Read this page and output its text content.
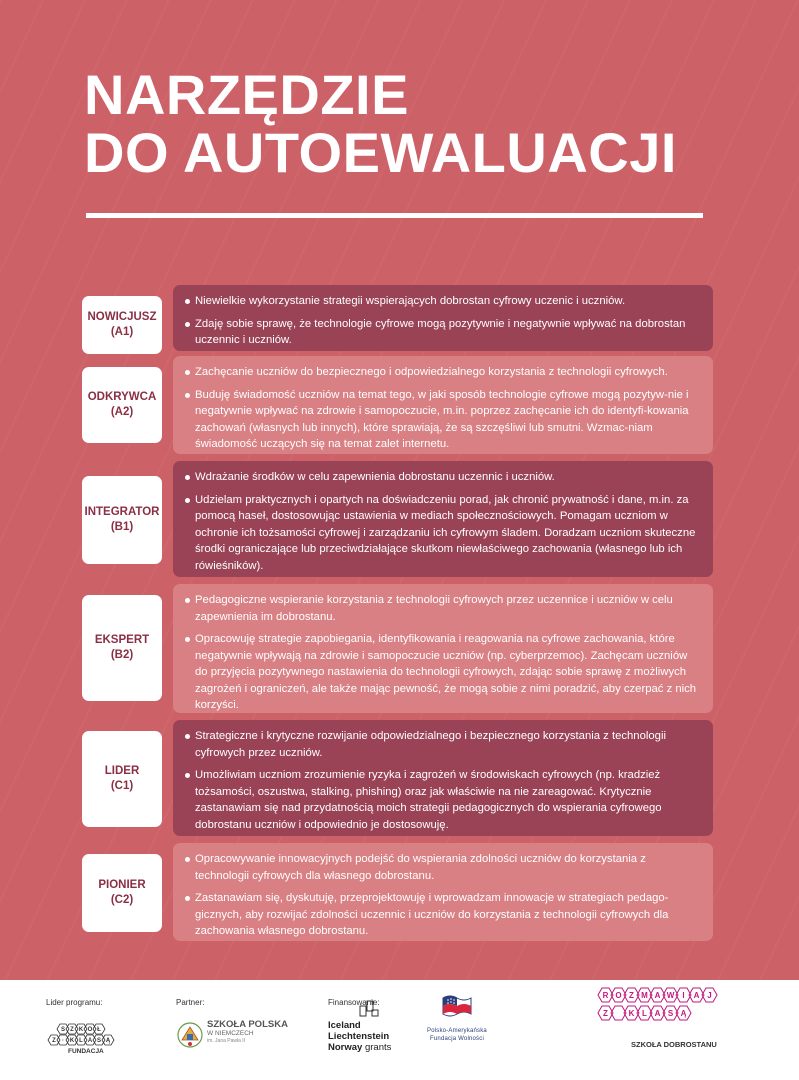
NARZĘDZIE
DO AUTOEWALUACJI
NOWICJUSZ
(A1)
Niewielkie wykorzystanie strategii wspierających dobrostan cyfrowy uczenic i uczniów.
Zdaję sobie sprawę, że technologie cyfrowe mogą pozytywnie i negatywnie wpływać na dobrostan uczennic i uczniów.
ODKRYWCA
(A2)
Zachęcanie uczniów do bezpiecznego i odpowiedzialnego korzystania z technologii cyfrowych.
Buduję świadomość uczniów na temat tego, w jaki sposób technologie cyfrowe mogą pozytyw-nie i negatywnie wpływać na zdrowie i samopoczucie, m.in. poprzez zachęcanie ich do identyfi-kowania zachowań (własnych lub innych), które sprawiają, że są szczęśliwi lub smutni. Wzmac-niam świadomość uczących się na temat zalet internetu.
INTEGRATOR
(B1)
Wdrażanie środków w celu zapewnienia dobrostanu uczennic i uczniów.
Udzielam praktycznych i opartych na doświadczeniu porad, jak chronić prywatność i dane, m.in. za pomocą haseł, dostosowując ustawienia w mediach społecznościowych. Pomagam uczniom w ochronie ich tożsamości cyfrowej i zarządzaniu ich cyfrowym śladem. Doradzam uczniom skuteczne środki ograniczające lub przeciwdziałające skutkom niewłaściwego zachowania (własnego lub ich rówieśników).
EKSPERT
(B2)
Pedagogiczne wspieranie korzystania z technologii cyfrowych przez uczennice i uczniów w celu zapewnienia im dobrostanu.
Opracowuję strategie zapobiegania, identyfikowania i reagowania na cyfrowe zachowania, które negatywnie wpływają na zdrowie i samopoczucie uczniów (np. cyberprzemoc). Zachęcam uczniów do przyjęcia pozytywnego nastawienia do technologii cyfrowych, zdając sobie sprawę z możliwych zagrożeń i ograniczeń, ale także mając pewność, że mogą sobie z nimi poradzić, aby czerpać z nich korzyści.
LIDER
(C1)
Strategiczne i krytyczne rozwijanie odpowiedzialnego i bezpiecznego korzystania z technologii cyfrowych przez uczniów.
Umożliwiam uczniom zrozumienie ryzyka i zagrożeń w środowiskach cyfrowych (np. kradzież tożsamości, oszustwa, stalking, phishing) oraz jak właściwie na nie zareagować. Krytycznie zastanawiam się nad przydatnością moich strategii pedagogicznych do wspierania cyfrowego dobrostanu uczniów i odpowiednio je dostosowuję.
PIONIER
(C2)
Opracowywanie innowacyjnych podejść do wspierania zdolności uczniów do korzystania z technologii cyfrowych dla własnego dobrostanu.
Zastanawiam się, dyskutuję, przeprojektowuję i wprowadzam innowacje w strategiach pedago-gicznych, aby rozwijać zdolności uczennic i uczniów do korzystania z technologii cyfrowych dla zachowania własnego dobrostanu.
Lider programu:	Partner:	Finansowanie:
S Z K O Ł
Z · K L A S Ą
FUNDACJA
SZKOŁA POLSKA
W NIEMCZECH
im. Jana Pawła II
Iceland
Liechtenstein
Norway grants
Polsko-Amerykańska
Fundacja Wolności
R O Z M A W I A J
Z	K L A S Ą
SZKOŁA DOBROSTANU
